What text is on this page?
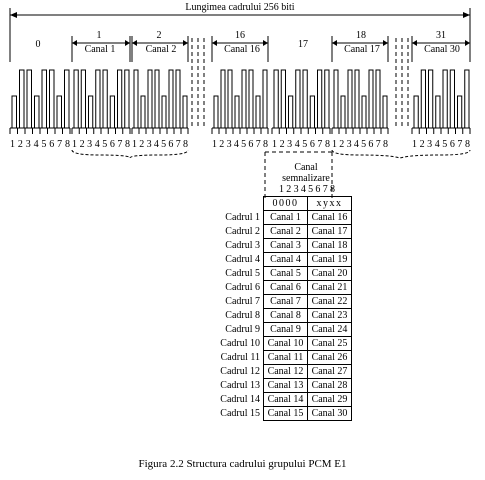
Lungimea cadrului 256 biti
0
1
Canal 1
2
Canal 2
16
Canal 16	17
18
Canal 17
31
Canal 30
12345678 12345678 12345678 12345678 12345678 12345678 12345678
Canal
semnalizare
12345678
	0000	xyxx
Cadrul 1	Canal 1	Canal 16
Cadrul 2	Canal 2	Canal 17
Cadrul 3	Canal 3	Canal 18
Cadrul 4	Canal 4	Canal 19
Cadrul 5	Canal 5	Canal 20
Cadrul 6	Canal 6	Canal 21
Cadrul 7	Canal 7	Canal 22
Cadrul 8	Canal 8	Canal 23
Cadrul 9	Canal 9	Canal 24
Cadrul 10	Canal 10	Canal 25
Cadrul 11	Canal 11	Canal 26
Cadrul 12	Canal 12	Canal 27
Cadrul 13	Canal 13	Canal 28
Cadrul 14	Canal 14	Canal 29
Cadrul 15	Canal 15	Canal 30
Figura 2.2 Structura cadrului grupului PCM E1
